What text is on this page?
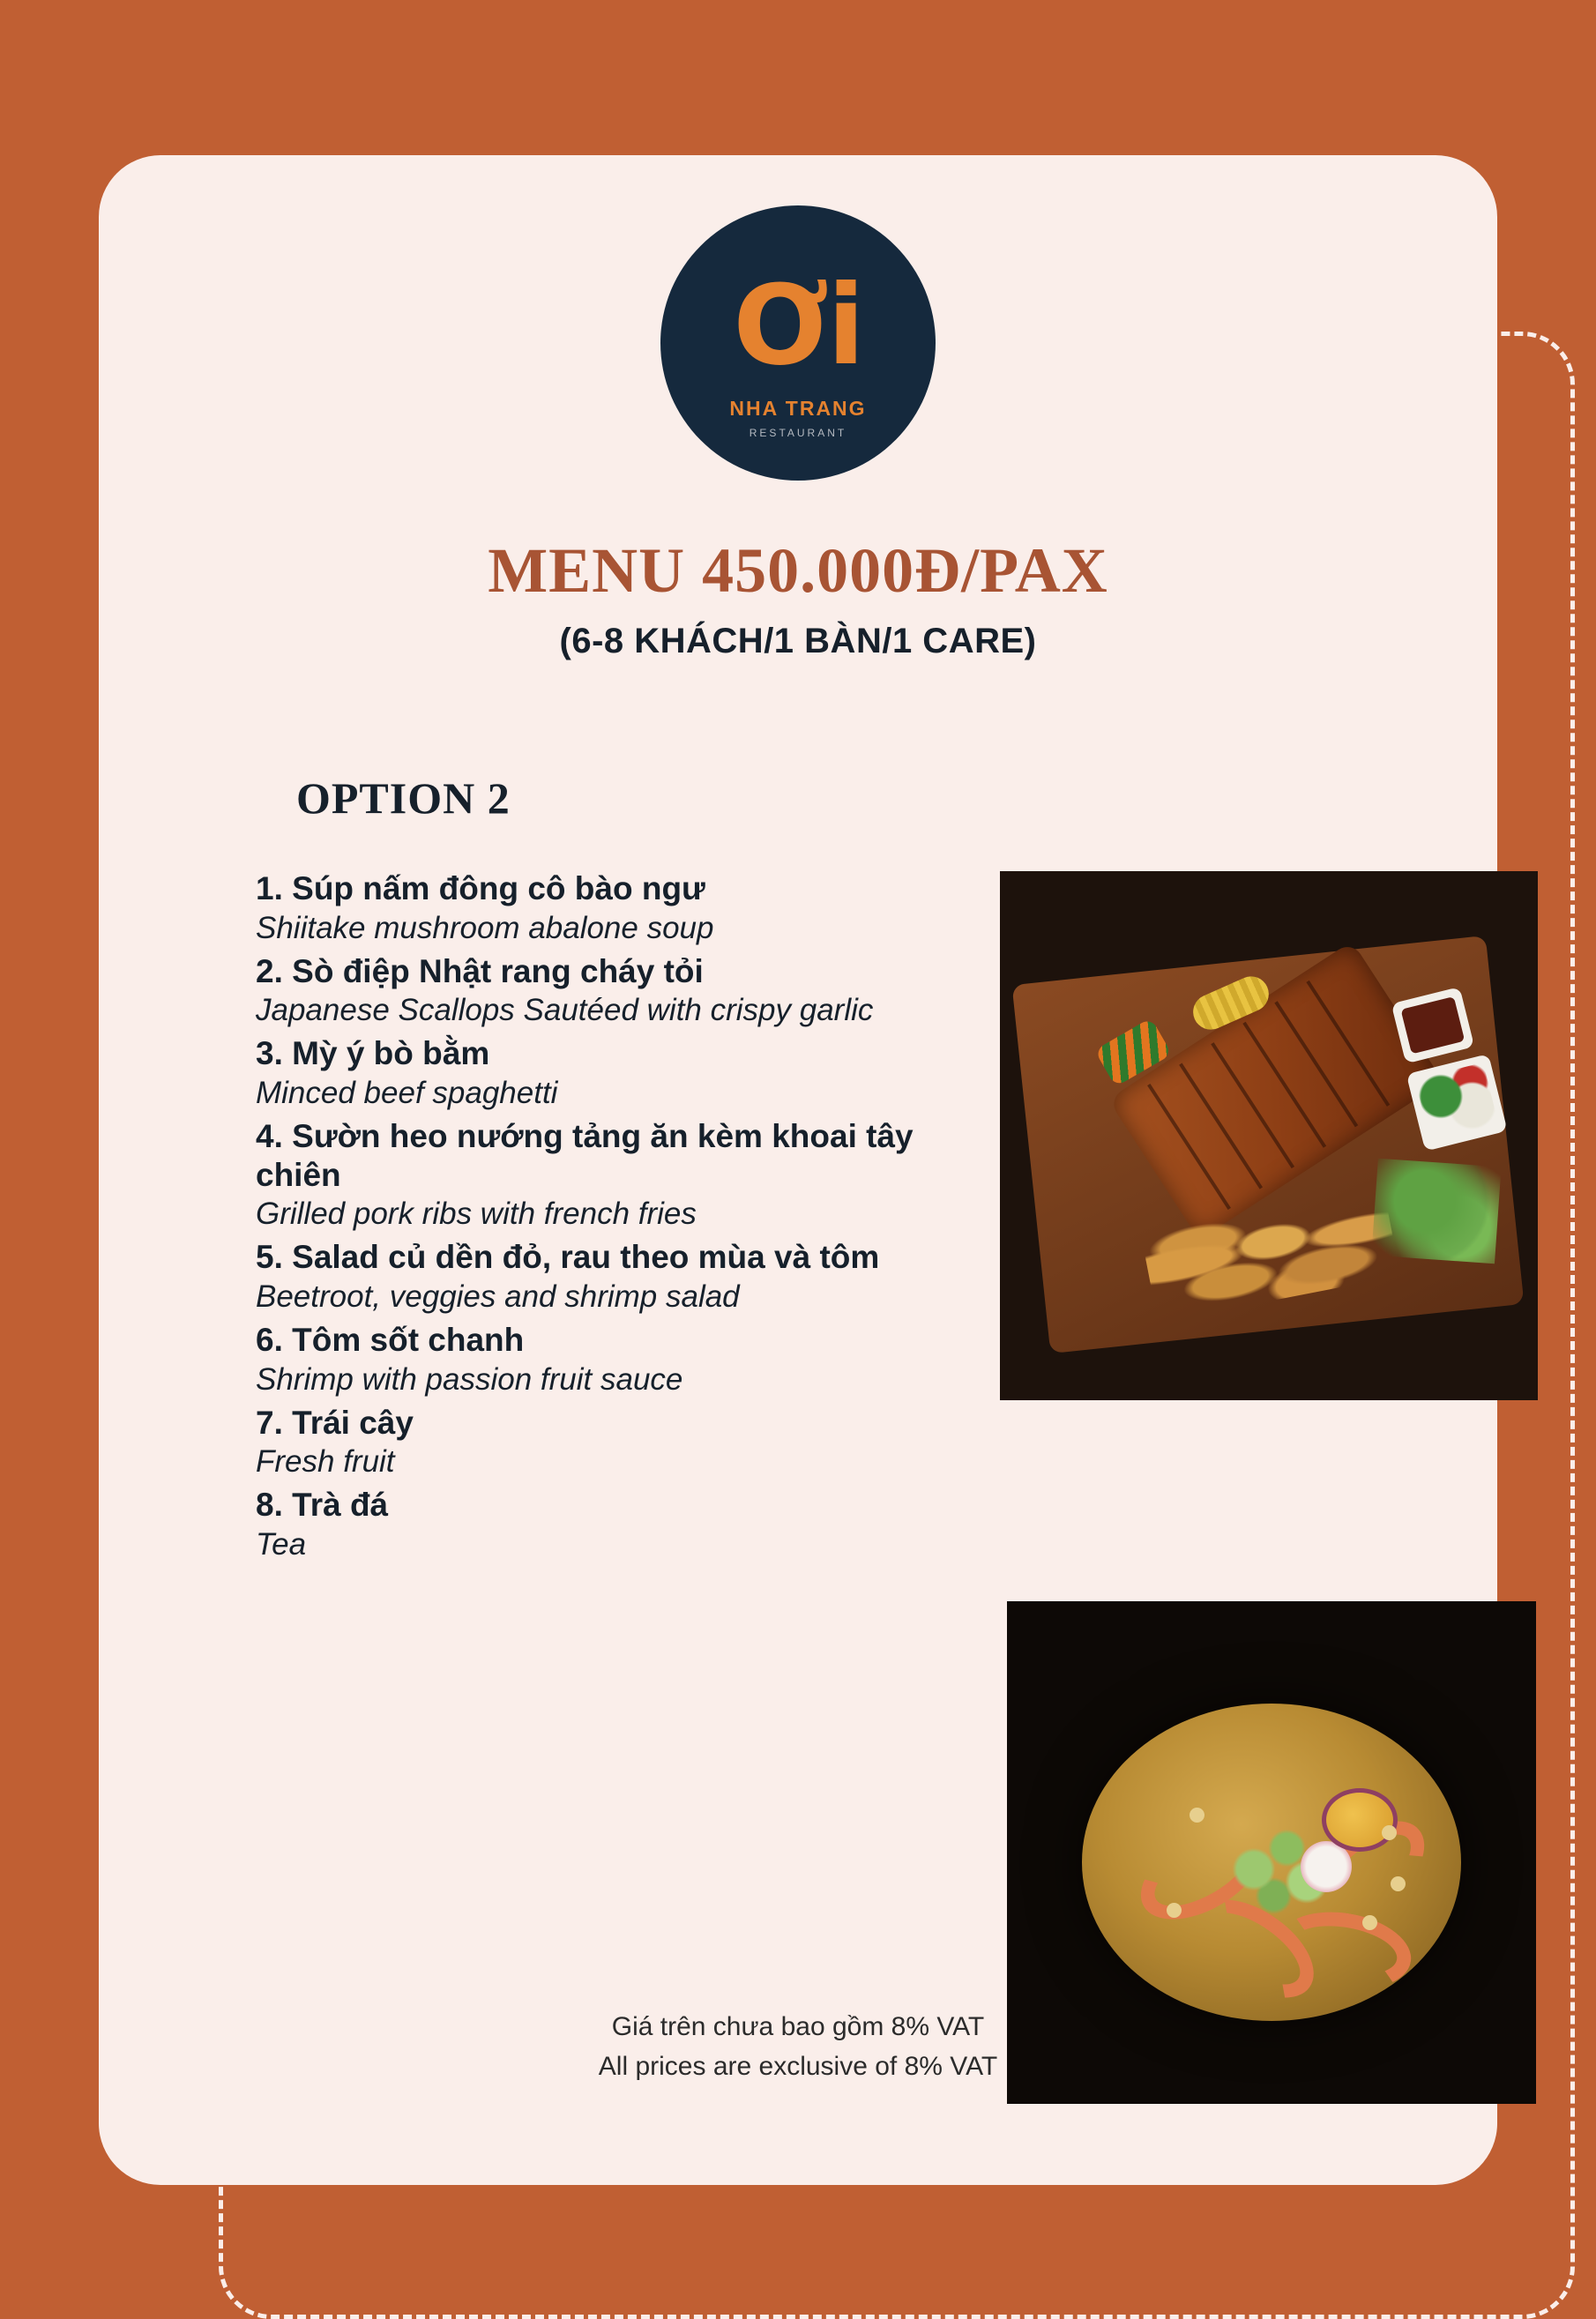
Ơi
NHA TRANG
RESTAURANT
MENU 450.000Đ/PAX
(6-8 KHÁCH/1 BÀN/1 CARE)
OPTION 2

1. Súp nấm đông cô bào ngư

Shiitake mushroom abalone soup

2. Sò điệp Nhật rang cháy tỏi

Japanese Scallops Sautéed with crispy garlic

3. Mỳ ý bò bằm

Minced beef spaghetti

4. Sườn heo nướng tảng ăn kèm khoai tây chiên

Grilled pork ribs with french fries

5. Salad củ dền đỏ, rau theo mùa và tôm

Beetroot, veggies and shrimp salad

6. Tôm sốt chanh

Shrimp with passion fruit sauce

7. Trái cây

Fresh fruit

8. Trà đá

Tea

Giá trên chưa bao gồm 8% VAT
All prices are exclusive of 8% VAT
